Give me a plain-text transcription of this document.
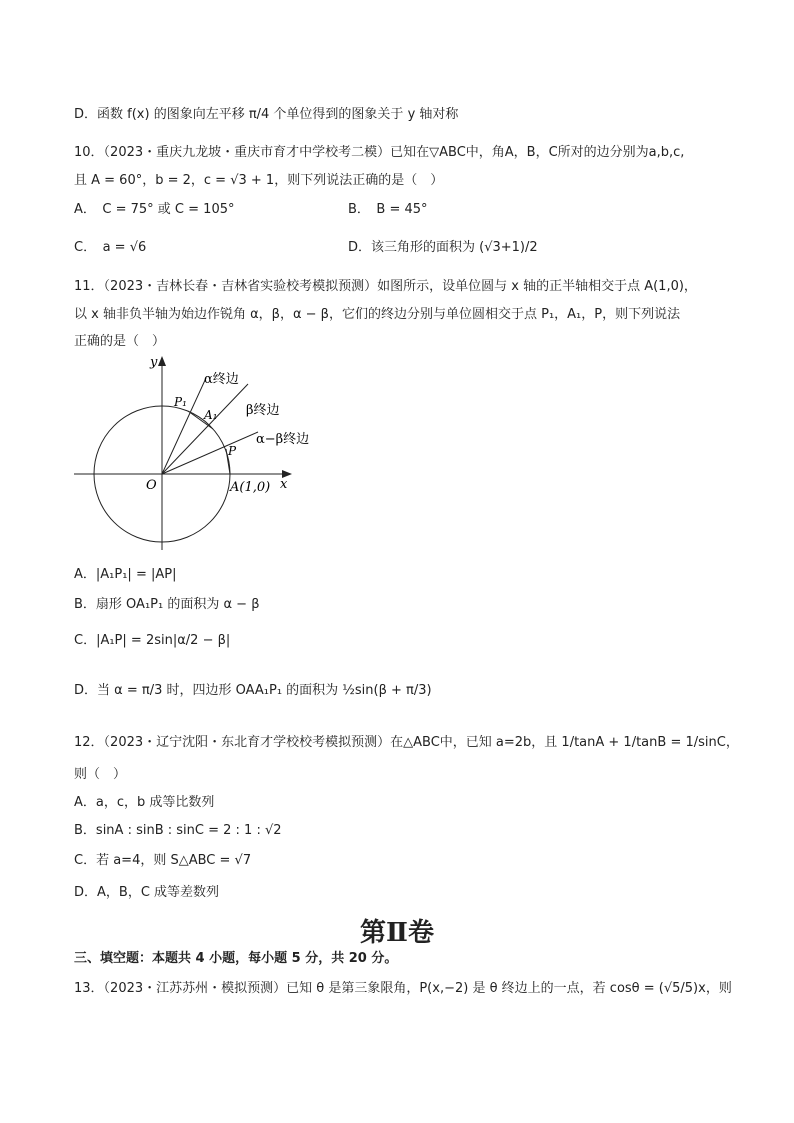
D．函数 f(x) 的图象向左平移 π/4 个单位得到的图象关于 y 轴对称
10．（2023・重庆九龙坡・重庆市育才中学校考二模）已知在▽ABC中，角A，B，C所对的边分别为a,b,c,
且 A = 60°，b = 2，c = √3 + 1，则下列说法正确的是（　）
A．　C = 75° 或 C = 105°	B．　B = 45°
C．　a = √6	D．该三角形的面积为 (√3+1)/2
11．（2023・吉林长春・吉林省实验校考模拟预测）如图所示，设单位圆与 x 轴的正半轴相交于点 A(1,0)，
以 x 轴非负半轴为始边作锐角 α，β，α − β，它们的终边分别与单位圆相交于点 P₁，A₁，P，则下列说法
正确的是（　）
x
y
O	A(1,0)
P₁
A₁
P
α终边
β终边
α−β终边
A．|A₁P₁| = |AP|
B．扇形 OA₁P₁ 的面积为 α − β
C．|A₁P| = 2sin|α/2 − β|
D．当 α = π/3 时，四边形 OAA₁P₁ 的面积为 ½sin(β + π/3)
12．（2023・辽宁沈阳・东北育才学校校考模拟预测）在△ABC中，已知 a=2b，且 1/tanA + 1/tanB = 1/sinC，
则（　）
A．a，c，b 成等比数列
B．sinA : sinB : sinC = 2 : 1 : √2
C．若 a=4，则 S△ABC = √7
D．A，B，C 成等差数列
第Ⅱ卷
三、填空题：本题共 4 小题，每小题 5 分，共 20 分。
13．（2023・江苏苏州・模拟预测）已知 θ 是第三象限角，P(x,−2) 是 θ 终边上的一点，若 cosθ = (√5/5)x，则
